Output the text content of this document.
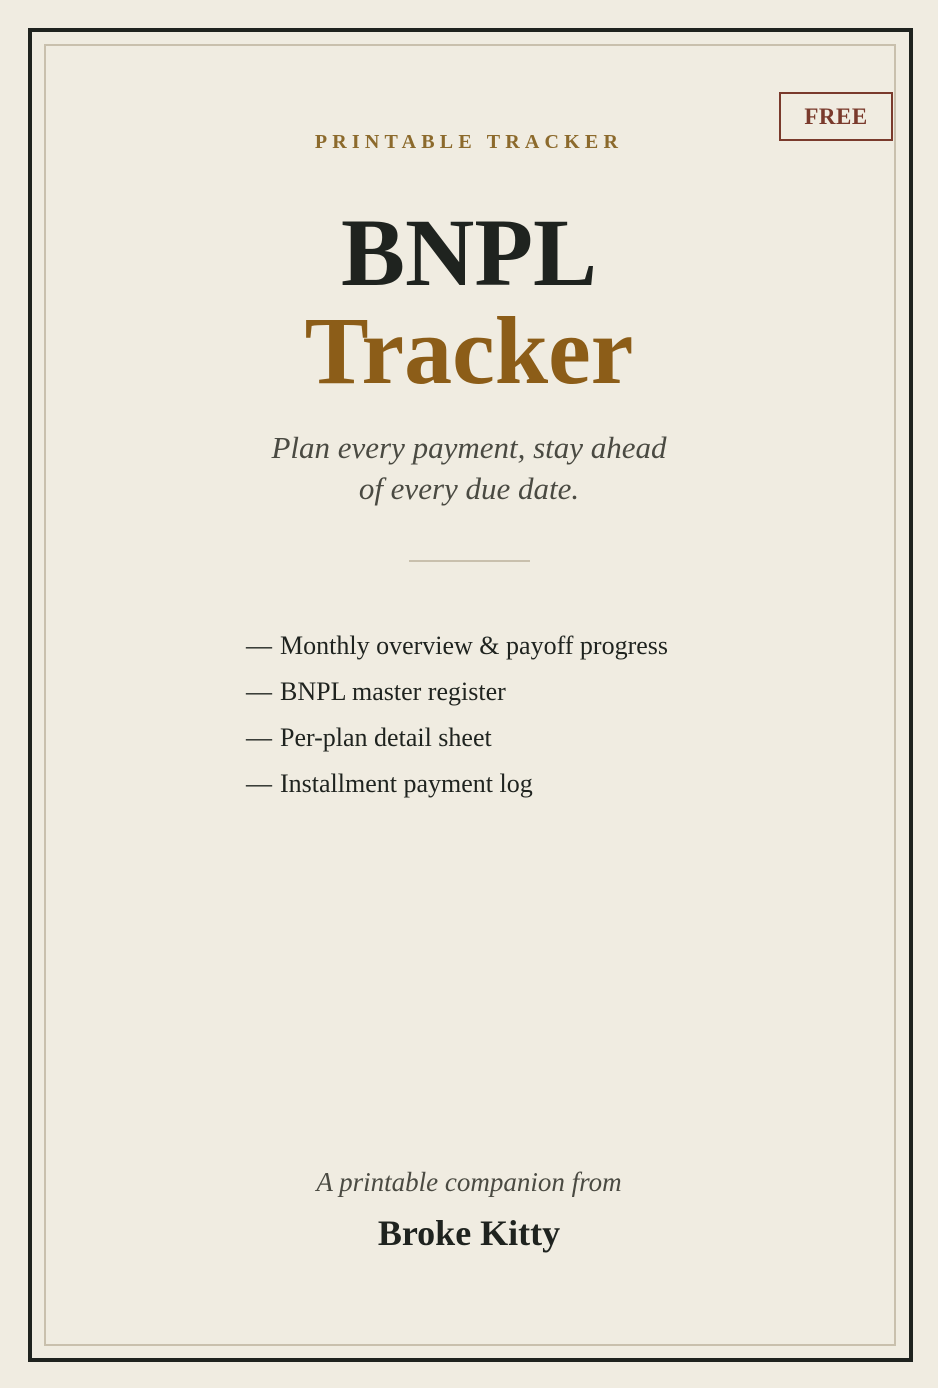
FREE
PRINTABLE TRACKER
BNPL
Tracker
Plan every payment, stay ahead
of every due date.
— Monthly overview & payoff progress
— BNPL master register
— Per-plan detail sheet
— Installment payment log
A printable companion from
Broke Kitty
